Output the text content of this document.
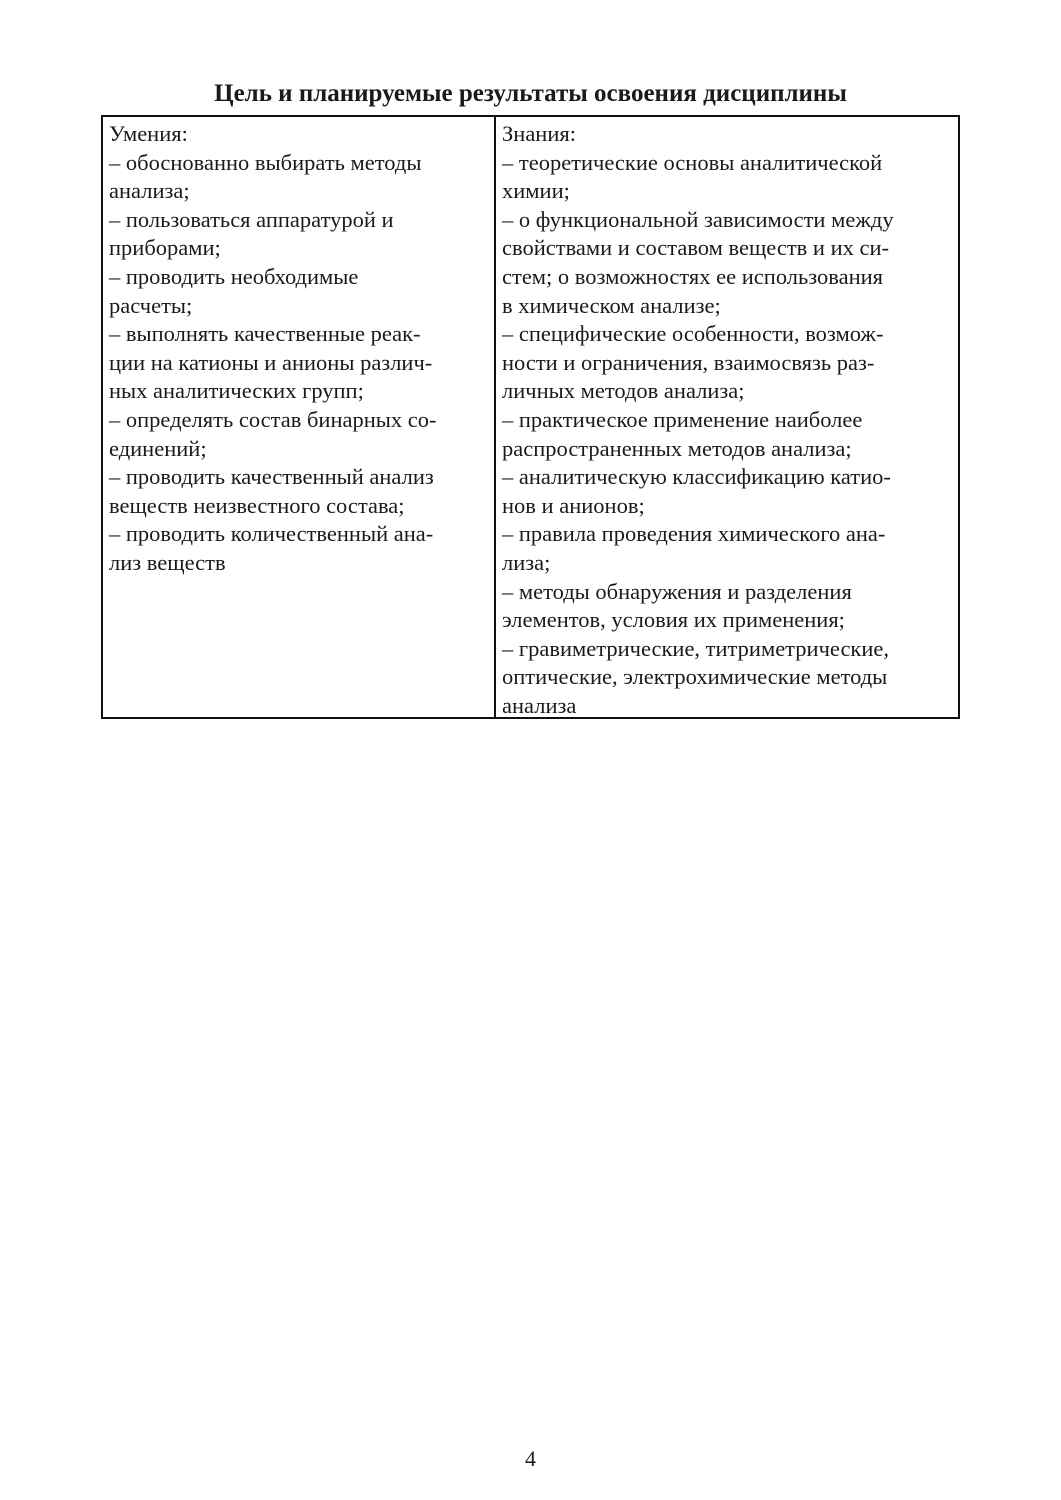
Цель и планируемые результаты освоения дисциплины
Умения:
– обоснованно выбирать методы
анализа;
– пользоваться аппаратурой и
приборами;
– проводить необходимые
расчеты;
– выполнять качественные реак-
ции на катионы и анионы различ-
ных аналитических групп;
– определять состав бинарных со-
единений;
– проводить качественный анализ
веществ неизвестного состава;
– проводить количественный ана-
лиз веществ
Знания:
– теоретические основы аналитической
химии;
– о функциональной зависимости между
свойствами и составом веществ и их си-
стем; о возможностях ее использования
в химическом анализе;
– специфические особенности, возмож-
ности и ограничения, взаимосвязь раз-
личных методов анализа;
– практическое применение наиболее
распространенных методов анализа;
– аналитическую классификацию катио-
нов и анионов;
– правила проведения химического ана-
лиза;
– методы обнаружения и разделения
элементов, условия их применения;
– гравиметрические, титриметрические,
оптические, электрохимические методы
анализа
4
